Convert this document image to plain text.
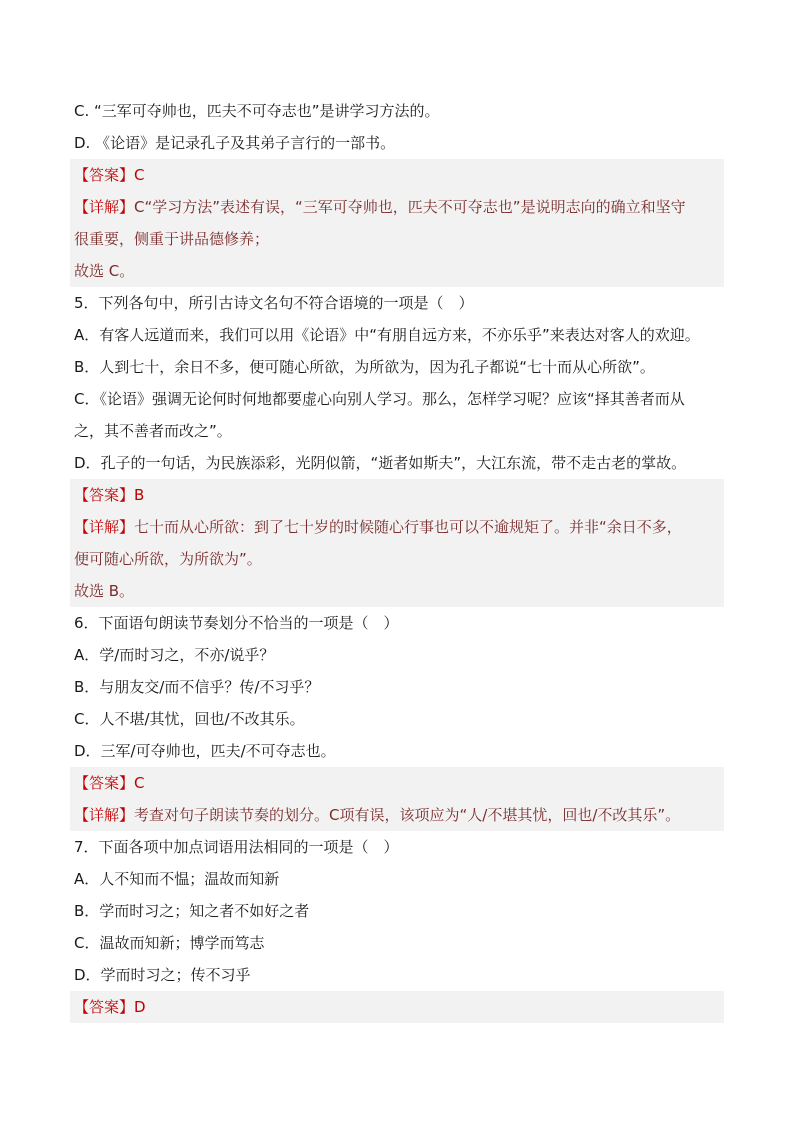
C. “三军可夺帅也，匹夫不可夺志也”是讲学习方法的。
D. 《论语》是记录孔子及其弟子言行的一部书。
【答案】C
【详解】C“学习方法”表述有误，“三军可夺帅也，匹夫不可夺志也”是说明志向的确立和坚守
很重要，侧重于讲品德修养；
故选 C。
5．下列各句中，所引古诗文名句不符合语境的一项是（　）
A．有客人远道而来，我们可以用《论语》中“有朋自远方来，不亦乐乎”来表达对客人的欢迎。
B．人到七十，余日不多，便可随心所欲，为所欲为，因为孔子都说“七十而从心所欲”。
C．《论语》强调无论何时何地都要虚心向别人学习。那么，怎样学习呢？应该“择其善者而从
之，其不善者而改之”。
D．孔子的一句话，为民族添彩，光阴似箭，“逝者如斯夫”，大江东流，带不走古老的掌故。
【答案】B
【详解】七十而从心所欲：到了七十岁的时候随心行事也可以不逾规矩了。并非“余日不多，
便可随心所欲，为所欲为”。
故选 B。
6．下面语句朗读节奏划分不恰当的一项是（　）
A．学/而时习之，不亦/说乎？
B．与朋友交/而不信乎？传/不习乎？
C．人不堪/其忧，回也/不改其乐。
D．三军/可夺帅也，匹夫/不可夺志也。
【答案】C
【详解】考查对句子朗读节奏的划分。C项有误，该项应为“人/不堪其忧，回也/不改其乐”。
7．下面各项中加点词语用法相同的一项是（　）
A．人不知而不愠；温故而知新
B．学而时习之；知之者不如好之者
C．温故而知新；博学而笃志
D．学而时习之；传不习乎
【答案】D
